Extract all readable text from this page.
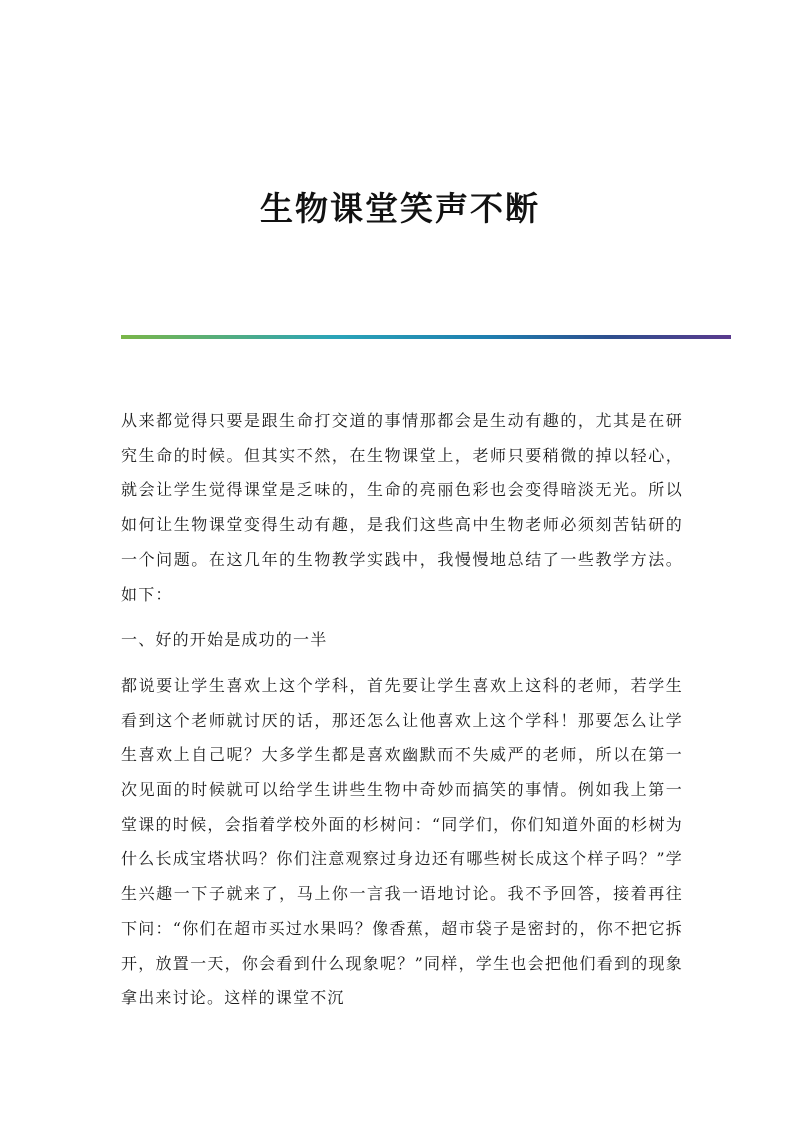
生物课堂笑声不断

从来都觉得只要是跟生命打交道的事情那都会是生动有趣的，尤其是在研究生命的时候。但其实不然，在生物课堂上，老师只要稍微的掉以轻心，就会让学生觉得课堂是乏味的，生命的亮丽色彩也会变得暗淡无光。所以如何让生物课堂变得生动有趣，是我们这些高中生物老师必须刻苦钻研的一个问题。在这几年的生物教学实践中，我慢慢地总结了一些教学方法。如下：

一、好的开始是成功的一半

都说要让学生喜欢上这个学科，首先要让学生喜欢上这科的老师，若学生看到这个老师就讨厌的话，那还怎么让他喜欢上这个学科！那要怎么让学生喜欢上自己呢？大多学生都是喜欢幽默而不失威严的老师，所以在第一次见面的时候就可以给学生讲些生物中奇妙而搞笑的事情。例如我上第一堂课的时候，会指着学校外面的杉树问：“同学们，你们知道外面的杉树为什么长成宝塔状吗？你们注意观察过身边还有哪些树长成这个样子吗？”学生兴趣一下子就来了，马上你一言我一语地讨论。我不予回答，接着再往下问：“你们在超市买过水果吗？像香蕉，超市袋子是密封的，你不把它拆开，放置一天，你会看到什么现象呢？”同样，学生也会把他们看到的现象拿出来讨论。这样的课堂不沉
